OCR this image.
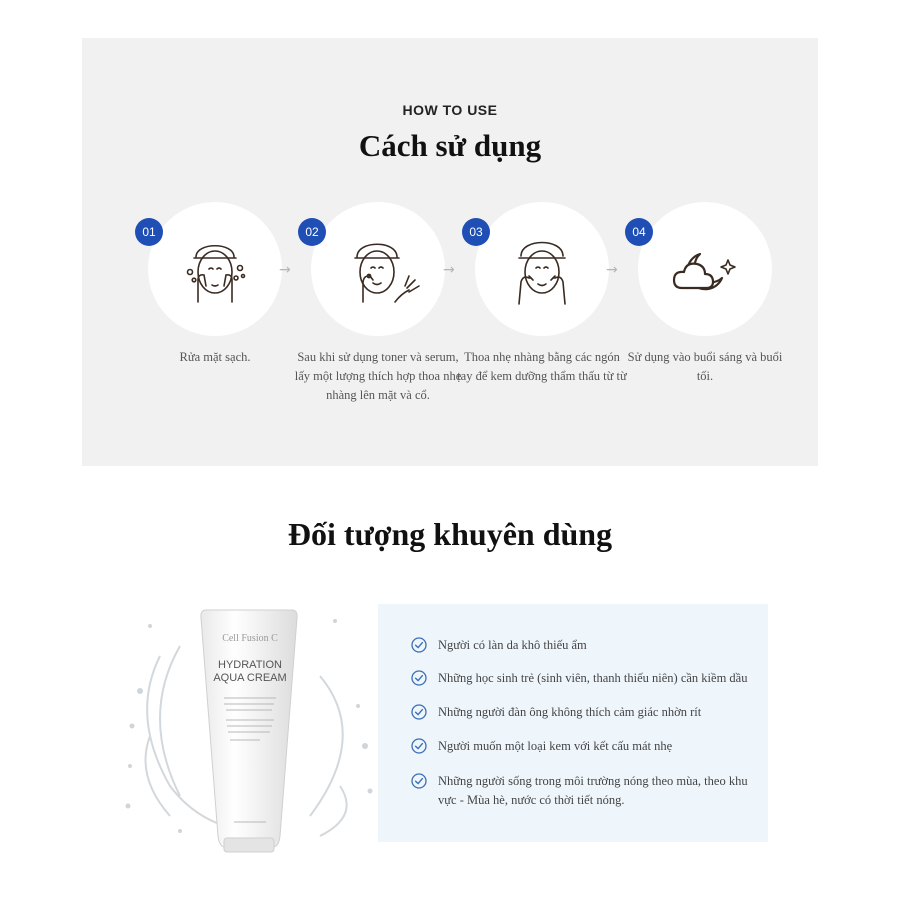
HOW TO USE
Cách sử dụng
01
Rửa mặt sạch.
→
02
Sau khi sử dụng toner và serum, lấy một lượng thích hợp thoa nhẹ nhàng lên mặt và cổ.
→
03
Thoa nhẹ nhàng bằng các ngón tay để kem dưỡng thẩm thấu từ từ
→
04
Sử dụng vào buổi sáng và buổi tối.
Đối tượng khuyên dùng
Cell Fusion C
HYDRATION
AQUA CREAM
Người có làn da khô thiếu ẩm
Những học sinh trẻ (sinh viên, thanh thiếu niên) cần kiềm dầu
Những người đàn ông không thích cảm giác nhờn rít
Người muốn một loại kem với kết cấu mát nhẹ
Những người sống trong môi trường nóng theo mùa, theo khu vực - Mùa hè, nước có thời tiết nóng.
